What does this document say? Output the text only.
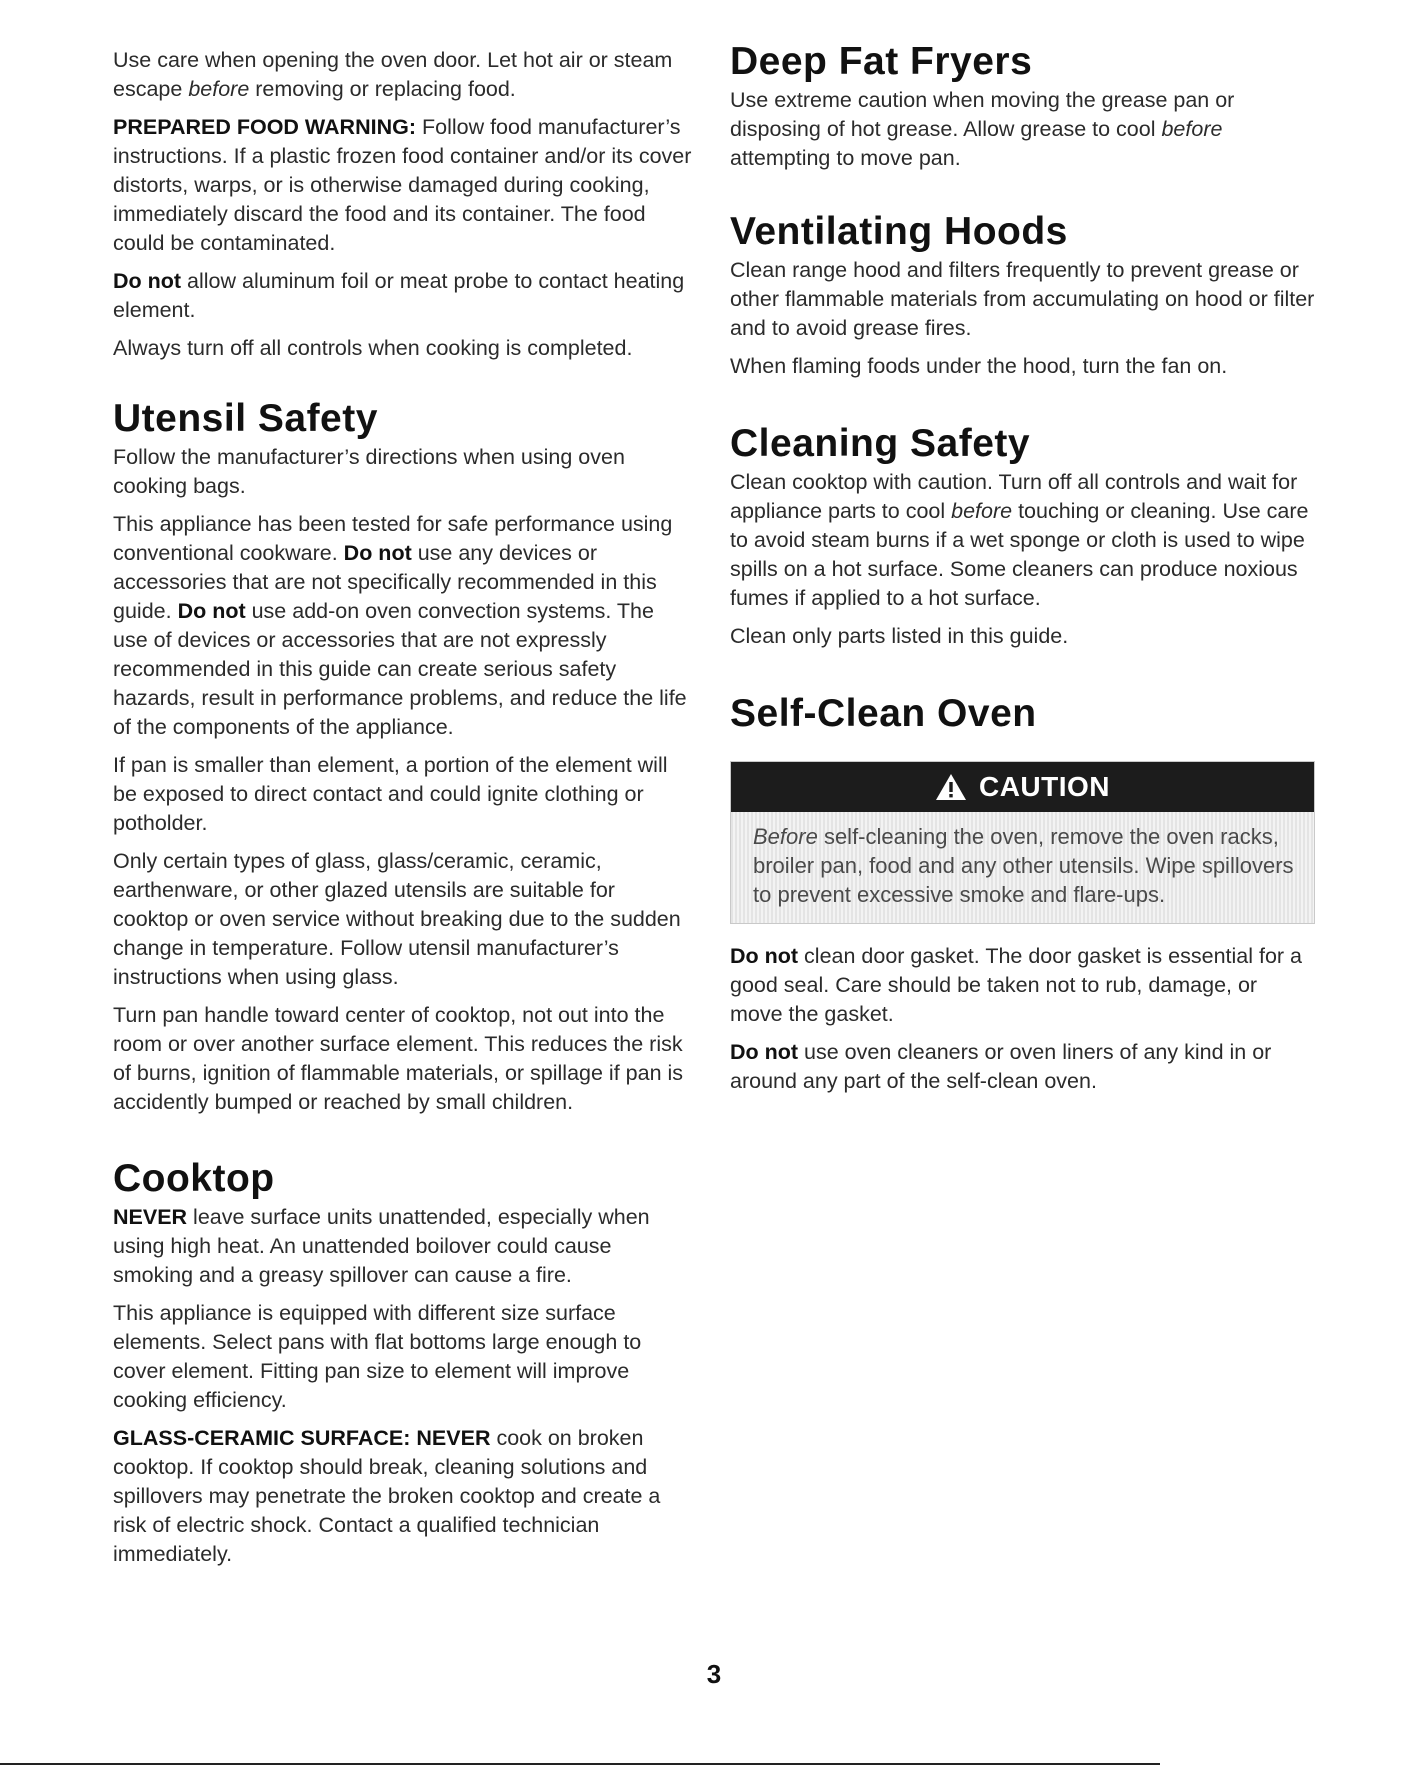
Use care when opening the oven door. Let hot air or steam escape before removing or replacing food.

PREPARED FOOD WARNING: Follow food manufacturer’s instructions. If a plastic frozen food container and/or its cover distorts, warps, or is otherwise damaged during cooking, immediately discard the food and its container. The food could be contaminated.

Do not allow aluminum foil or meat probe to contact heating element.

Always turn off all controls when cooking is completed.

Utensil Safety

Follow the manufacturer’s directions when using oven cooking bags.

This appliance has been tested for safe performance using conventional cookware. Do not use any devices or accessories that are not specifically recommended in this guide. Do not use add-on oven convection systems. The use of devices or accessories that are not expressly recommended in this guide can create serious safety hazards, result in performance problems, and reduce the life of the components of the appliance.

If pan is smaller than element, a portion of the element will be exposed to direct contact and could ignite clothing or potholder.

Only certain types of glass, glass/ceramic, ceramic, earthenware, or other glazed utensils are suitable for cooktop or oven service without breaking due to the sudden change in temperature. Follow utensil manufacturer’s instructions when using glass.

Turn pan handle toward center of cooktop, not out into the room or over another surface element. This reduces the risk of burns, ignition of flammable materials, or spillage if pan is accidently bumped or reached by small children.

Cooktop

NEVER leave surface units unattended, especially when using high heat. An unattended boilover could cause smoking and a greasy spillover can cause a fire.

This appliance is equipped with different size surface elements. Select pans with flat bottoms large enough to cover element. Fitting pan size to element will improve cooking efficiency.

GLASS-CERAMIC SURFACE: NEVER cook on broken cooktop. If cooktop should break, cleaning solutions and spillovers may penetrate the broken cooktop and create a risk of electric shock. Contact a qualified technician immediately.

Deep Fat Fryers

Use extreme caution when moving the grease pan or disposing of hot grease. Allow grease to cool before attempting to move pan.

Ventilating Hoods

Clean range hood and filters frequently to prevent grease or other flammable materials from accumulating on hood or filter and to avoid grease fires.

When flaming foods under the hood, turn the fan on.

Cleaning Safety

Clean cooktop with caution. Turn off all controls and wait for appliance parts to cool before touching or cleaning. Use care to avoid steam burns if a wet sponge or cloth is used to wipe spills on a hot surface. Some cleaners can produce noxious fumes if applied to a hot surface.

Clean only parts listed in this guide.

Self-Clean Oven
CAUTION
Before self-cleaning the oven, remove the oven racks, broiler pan, food and any other utensils. Wipe spillovers to prevent excessive smoke and flare-ups.

Do not clean door gasket. The door gasket is essential for a good seal. Care should be taken not to rub, damage, or move the gasket.

Do not use oven cleaners or oven liners of any kind in or around any part of the self-clean oven.

3
